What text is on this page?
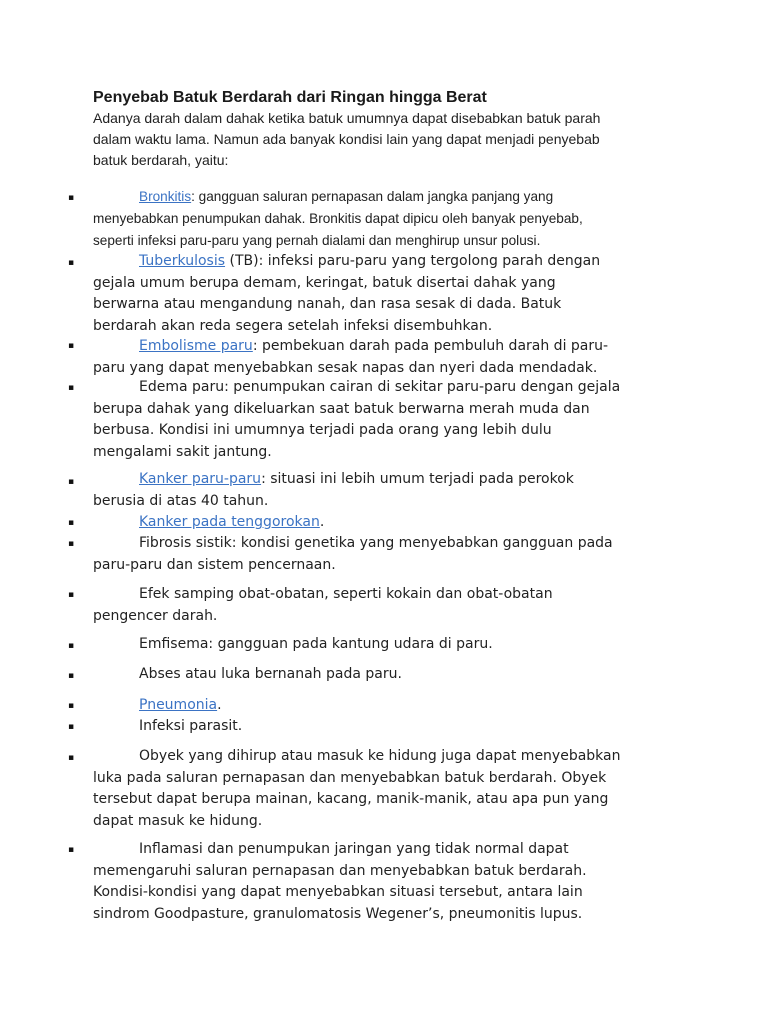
Penyebab Batuk Berdarah dari Ringan hingga Berat
Adanya darah dalam dahak ketika batuk umumnya dapat disebabkan batuk parah
dalam waktu lama. Namun ada banyak kondisi lain yang dapat menjadi penyebab
batuk berdarah, yaitu:
▪	Bronkitis: gangguan saluran pernapasan dalam jangka panjang yang
menyebabkan penumpukan dahak. Bronkitis dapat dipicu oleh banyak penyebab,
seperti infeksi paru-paru yang pernah dialami dan menghirup unsur polusi.
▪	Tuberkulosis (TB): infeksi paru-paru yang tergolong parah dengan
gejala umum berupa demam, keringat, batuk disertai dahak yang
berwarna atau mengandung nanah, dan rasa sesak di dada. Batuk
berdarah akan reda segera setelah infeksi disembuhkan.
▪	Embolisme paru: pembekuan darah pada pembuluh darah di paru-
paru yang dapat menyebabkan sesak napas dan nyeri dada mendadak.
▪	Edema paru: penumpukan cairan di sekitar paru-paru dengan gejala
berupa dahak yang dikeluarkan saat batuk berwarna merah muda dan
berbusa. Kondisi ini umumnya terjadi pada orang yang lebih dulu
mengalami sakit jantung.
▪	Kanker paru-paru: situasi ini lebih umum terjadi pada perokok
berusia di atas 40 tahun.
▪	Kanker pada tenggorokan.
▪	Fibrosis sistik: kondisi genetika yang menyebabkan gangguan pada
paru-paru dan sistem pencernaan.
▪	Efek samping obat-obatan, seperti kokain dan obat-obatan
pengencer darah.
▪	Emfisema: gangguan pada kantung udara di paru.
▪	Abses atau luka bernanah pada paru.
▪	Pneumonia.
▪	Infeksi parasit.
▪	Obyek yang dihirup atau masuk ke hidung juga dapat menyebabkan
luka pada saluran pernapasan dan menyebabkan batuk berdarah. Obyek
tersebut dapat berupa mainan, kacang, manik-manik, atau apa pun yang
dapat masuk ke hidung.
▪	Inflamasi dan penumpukan jaringan yang tidak normal dapat
memengaruhi saluran pernapasan dan menyebabkan batuk berdarah.
Kondisi-kondisi yang dapat menyebabkan situasi tersebut, antara lain
sindrom Goodpasture, granulomatosis Wegener’s, pneumonitis lupus.
